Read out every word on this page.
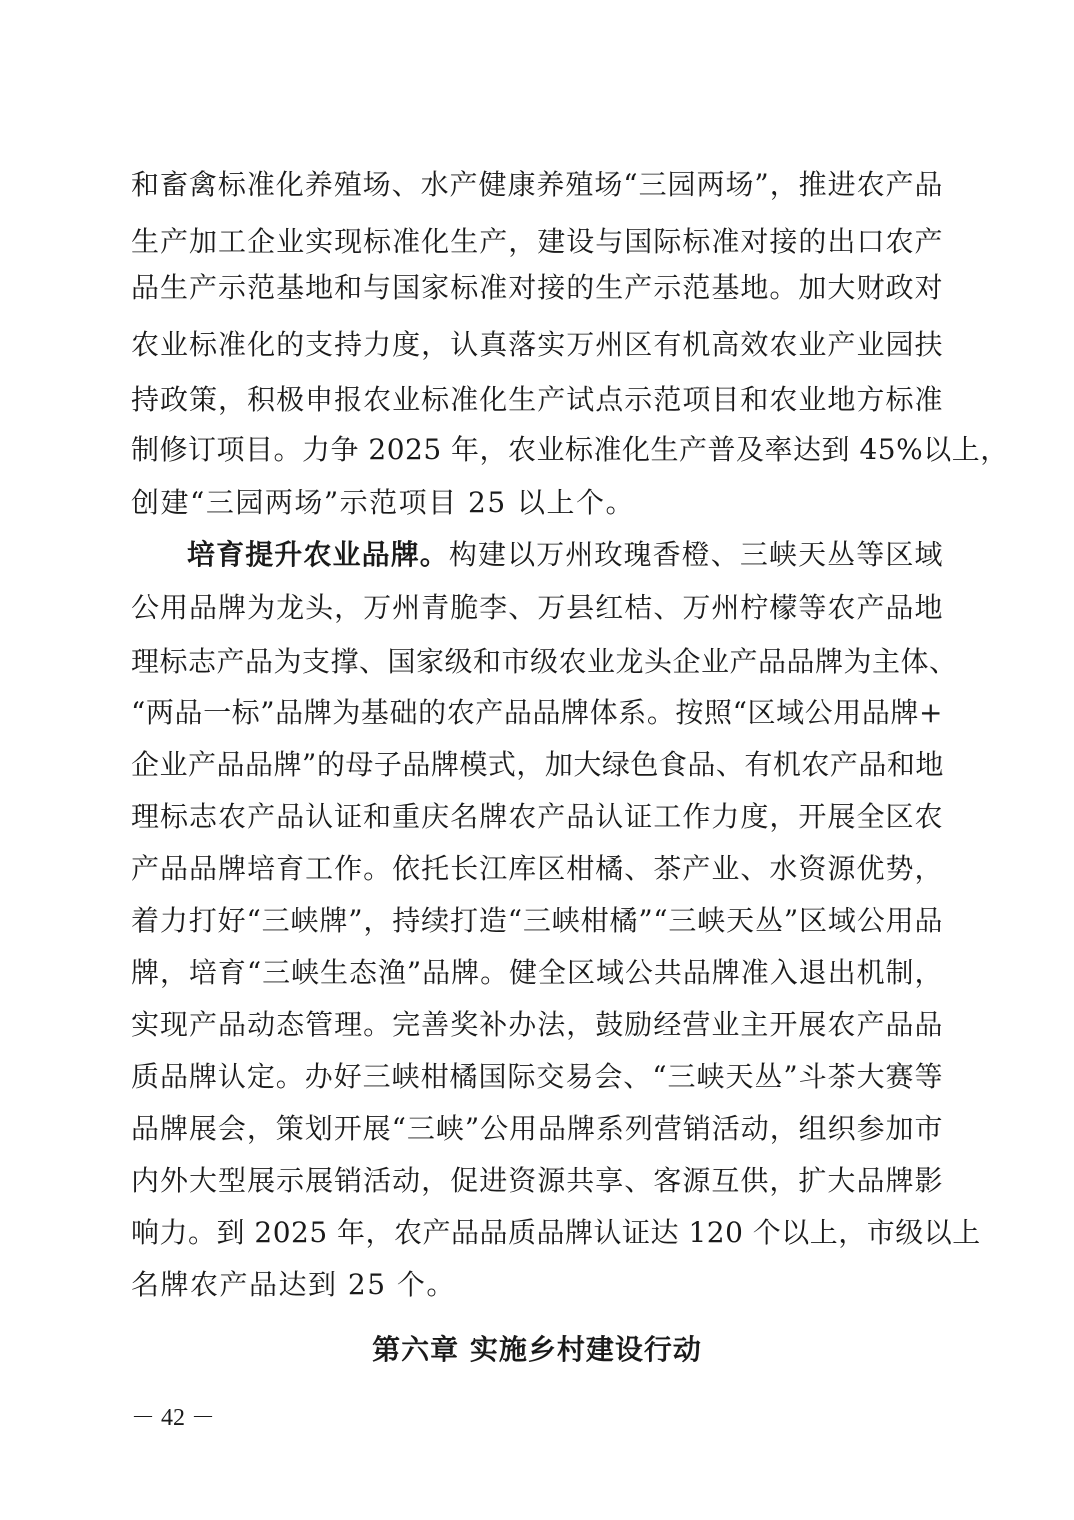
和畜禽标准化养殖场、水产健康养殖场“三园两场”，推进农产品
生产加工企业实现标准化生产，建设与国际标准对接的出口农产
品生产示范基地和与国家标准对接的生产示范基地。加大财政对
农业标准化的支持力度，认真落实万州区有机高效农业产业园扶
持政策，积极申报农业标准化生产试点示范项目和农业地方标准
制修订项目。力争 2025 年，农业标准化生产普及率达到 45%以上，
创建“三园两场”示范项目 25 以上个。
培育提升农业品牌。构建以万州玫瑰香橙、三峡天丛等区域
公用品牌为龙头，万州青脆李、万县红桔、万州柠檬等农产品地
理标志产品为支撑、国家级和市级农业龙头企业产品品牌为主体、
“两品一标”品牌为基础的农产品品牌体系。按照“区域公用品牌+
企业产品品牌”的母子品牌模式，加大绿色食品、有机农产品和地
理标志农产品认证和重庆名牌农产品认证工作力度，开展全区农
产品品牌培育工作。依托长江库区柑橘、茶产业、水资源优势，
着力打好“三峡牌”，持续打造“三峡柑橘”“三峡天丛”区域公用品
牌，培育“三峡生态渔”品牌。健全区域公共品牌准入退出机制，
实现产品动态管理。完善奖补办法，鼓励经营业主开展农产品品
质品牌认定。办好三峡柑橘国际交易会、“三峡天丛”斗茶大赛等
品牌展会，策划开展“三峡”公用品牌系列营销活动，组织参加市
内外大型展示展销活动，促进资源共享、客源互供，扩大品牌影
响力。到 2025 年，农产品品质品牌认证达 120 个以上，市级以上
名牌农产品达到 25 个。
第六章 实施乡村建设行动
－ 42 －
